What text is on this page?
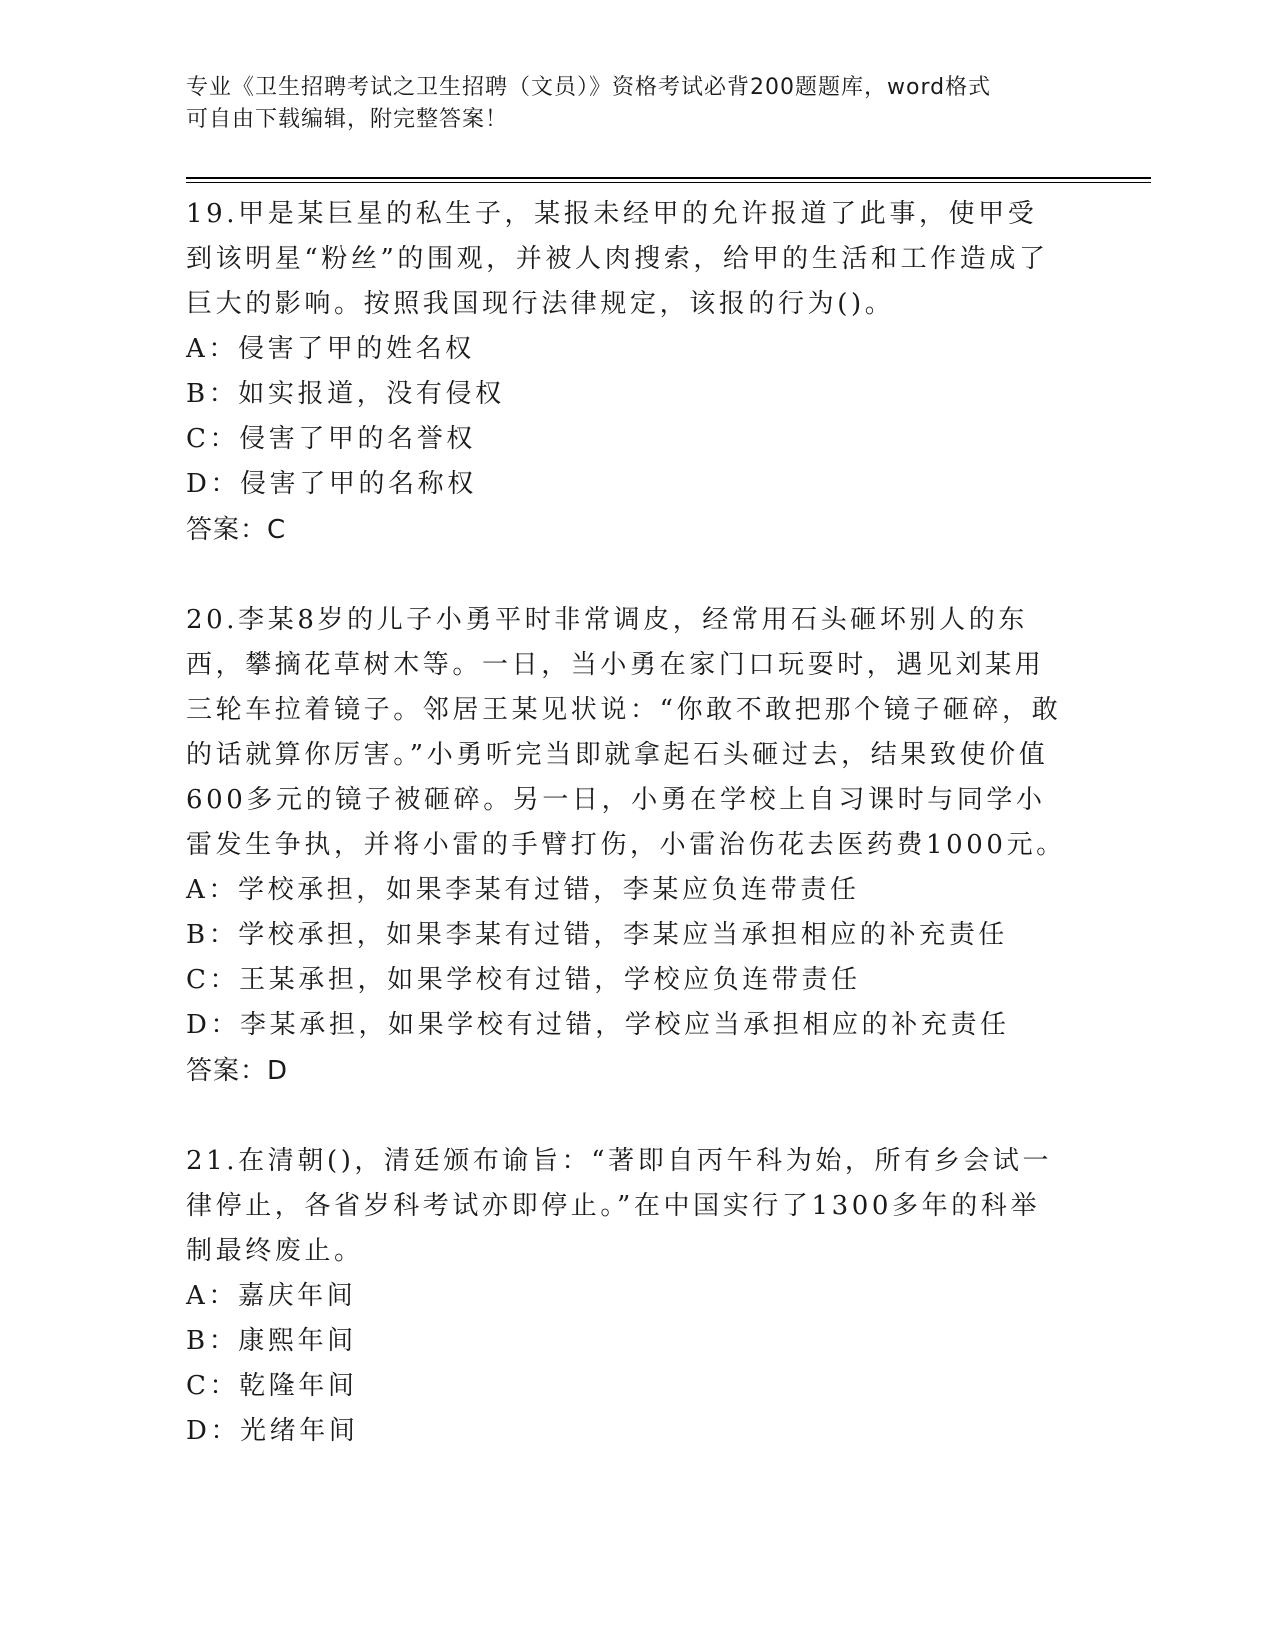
专业《卫生招聘考试之卫生招聘（文员）》资格考试必背200题题库，word格式
可自由下载编辑，附完整答案！

19.甲是某巨星的私生子，某报未经甲的允许报道了此事，使甲受到该明星“粉丝”的围观，并被人肉搜索，给甲的生活和工作造成了巨大的影响。按照我国现行法律规定，该报的行为()。

A：侵害了甲的姓名权

B：如实报道，没有侵权

C：侵害了甲的名誉权

D：侵害了甲的名称权

答案：C

20.李某8岁的儿子小勇平时非常调皮，经常用石头砸坏别人的东西，攀摘花草树木等。一日，当小勇在家门口玩耍时，遇见刘某用三轮车拉着镜子。邻居王某见状说：“你敢不敢把那个镜子砸碎，敢的话就算你厉害。”小勇听完当即就拿起石头砸过去，结果致使价值600多元的镜子被砸碎。另一日，小勇在学校上自习课时与同学小雷发生争执，并将小雷的手臂打伤，小雷治伤花去医药费1000元。

A：学校承担，如果李某有过错，李某应负连带责任

B：学校承担，如果李某有过错，李某应当承担相应的补充责任

C：王某承担，如果学校有过错，学校应负连带责任

D：李某承担，如果学校有过错，学校应当承担相应的补充责任

答案：D

21.在清朝()，清廷颁布谕旨：“著即自丙午科为始，所有乡会试一律停止，各省岁科考试亦即停止。”在中国实行了1300多年的科举制最终废止。

A：嘉庆年间

B：康熙年间

C：乾隆年间

D：光绪年间
